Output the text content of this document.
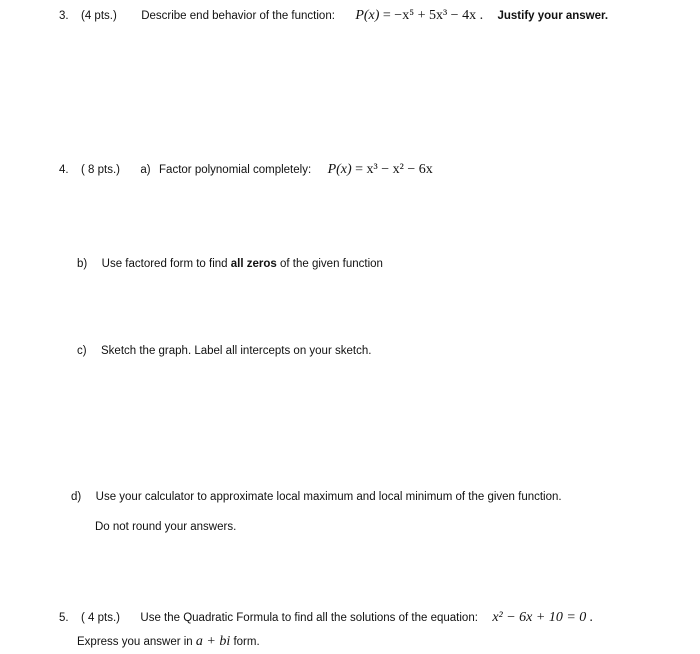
3. (4 pts.) Describe end behavior of the function: P(x) = −x⁵ + 5x³ − 4x . Justify your answer.
4. ( 8 pts.) a) Factor polynomial completely: P(x) = x³ − x² − 6x
b) Use factored form to find all zeros of the given function
c) Sketch the graph. Label all intercepts on your sketch.
d) Use your calculator to approximate local maximum and local minimum of the given function.
Do not round your answers.
5. ( 4 pts.) Use the Quadratic Formula to find all the solutions of the equation: x² − 6x + 10 = 0 .
Express you answer in a + bi form.
